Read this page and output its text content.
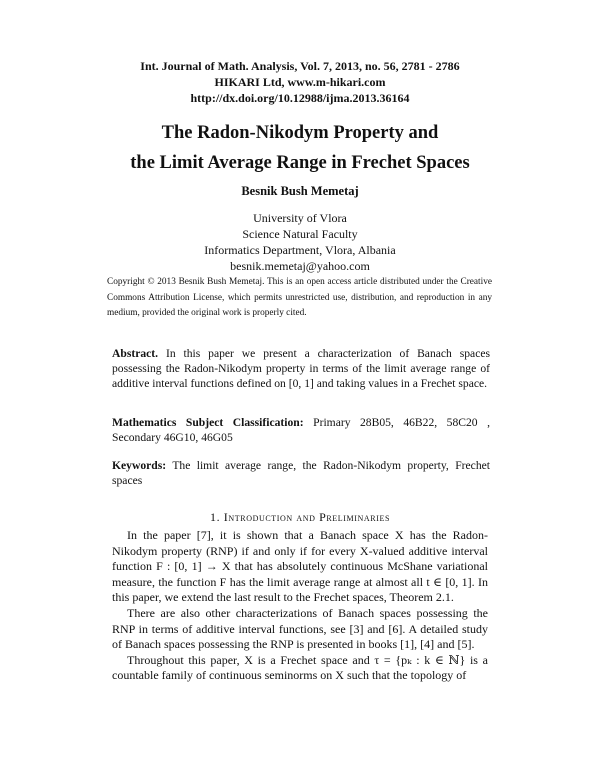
Int. Journal of Math. Analysis, Vol. 7, 2013, no. 56, 2781 - 2786
HIKARI Ltd, www.m-hikari.com
http://dx.doi.org/10.12988/ijma.2013.36164
The Radon-Nikodym Property and
the Limit Average Range in Frechet Spaces
Besnik Bush Memetaj
University of Vlora
Science Natural Faculty
Informatics Department, Vlora, Albania
besnik.memetaj@yahoo.com
Copyright © 2013 Besnik Bush Memetaj. This is an open access article distributed under the Creative Commons Attribution License, which permits unrestricted use, distribution, and reproduction in any medium, provided the original work is properly cited.
Abstract. In this paper we present a characterization of Banach spaces possessing the Radon-Nikodym property in terms of the limit average range of additive interval functions defined on [0, 1] and taking values in a Frechet space.
Mathematics Subject Classification: Primary 28B05, 46B22, 58C20 , Secondary 46G10, 46G05
Keywords: The limit average range, the Radon-Nikodym property, Frechet spaces
1. Introduction and Preliminaries

In the paper [7], it is shown that a Banach space X has the Radon-Nikodym property (RNP) if and only if for every X-valued additive interval function F : [0, 1] → X that has absolutely continuous McShane variational measure, the function F has the limit average range at almost all t ∈ [0, 1]. In this paper, we extend the last result to the Frechet spaces, Theorem 2.1.

There are also other characterizations of Banach spaces possessing the RNP in terms of additive interval functions, see [3] and [6]. A detailed study of Banach spaces possessing the RNP is presented in books [1], [4] and [5].

Throughout this paper, X is a Frechet space and τ = {pₖ : k ∈ ℕ} is a countable family of continuous seminorms on X such that the topology of
